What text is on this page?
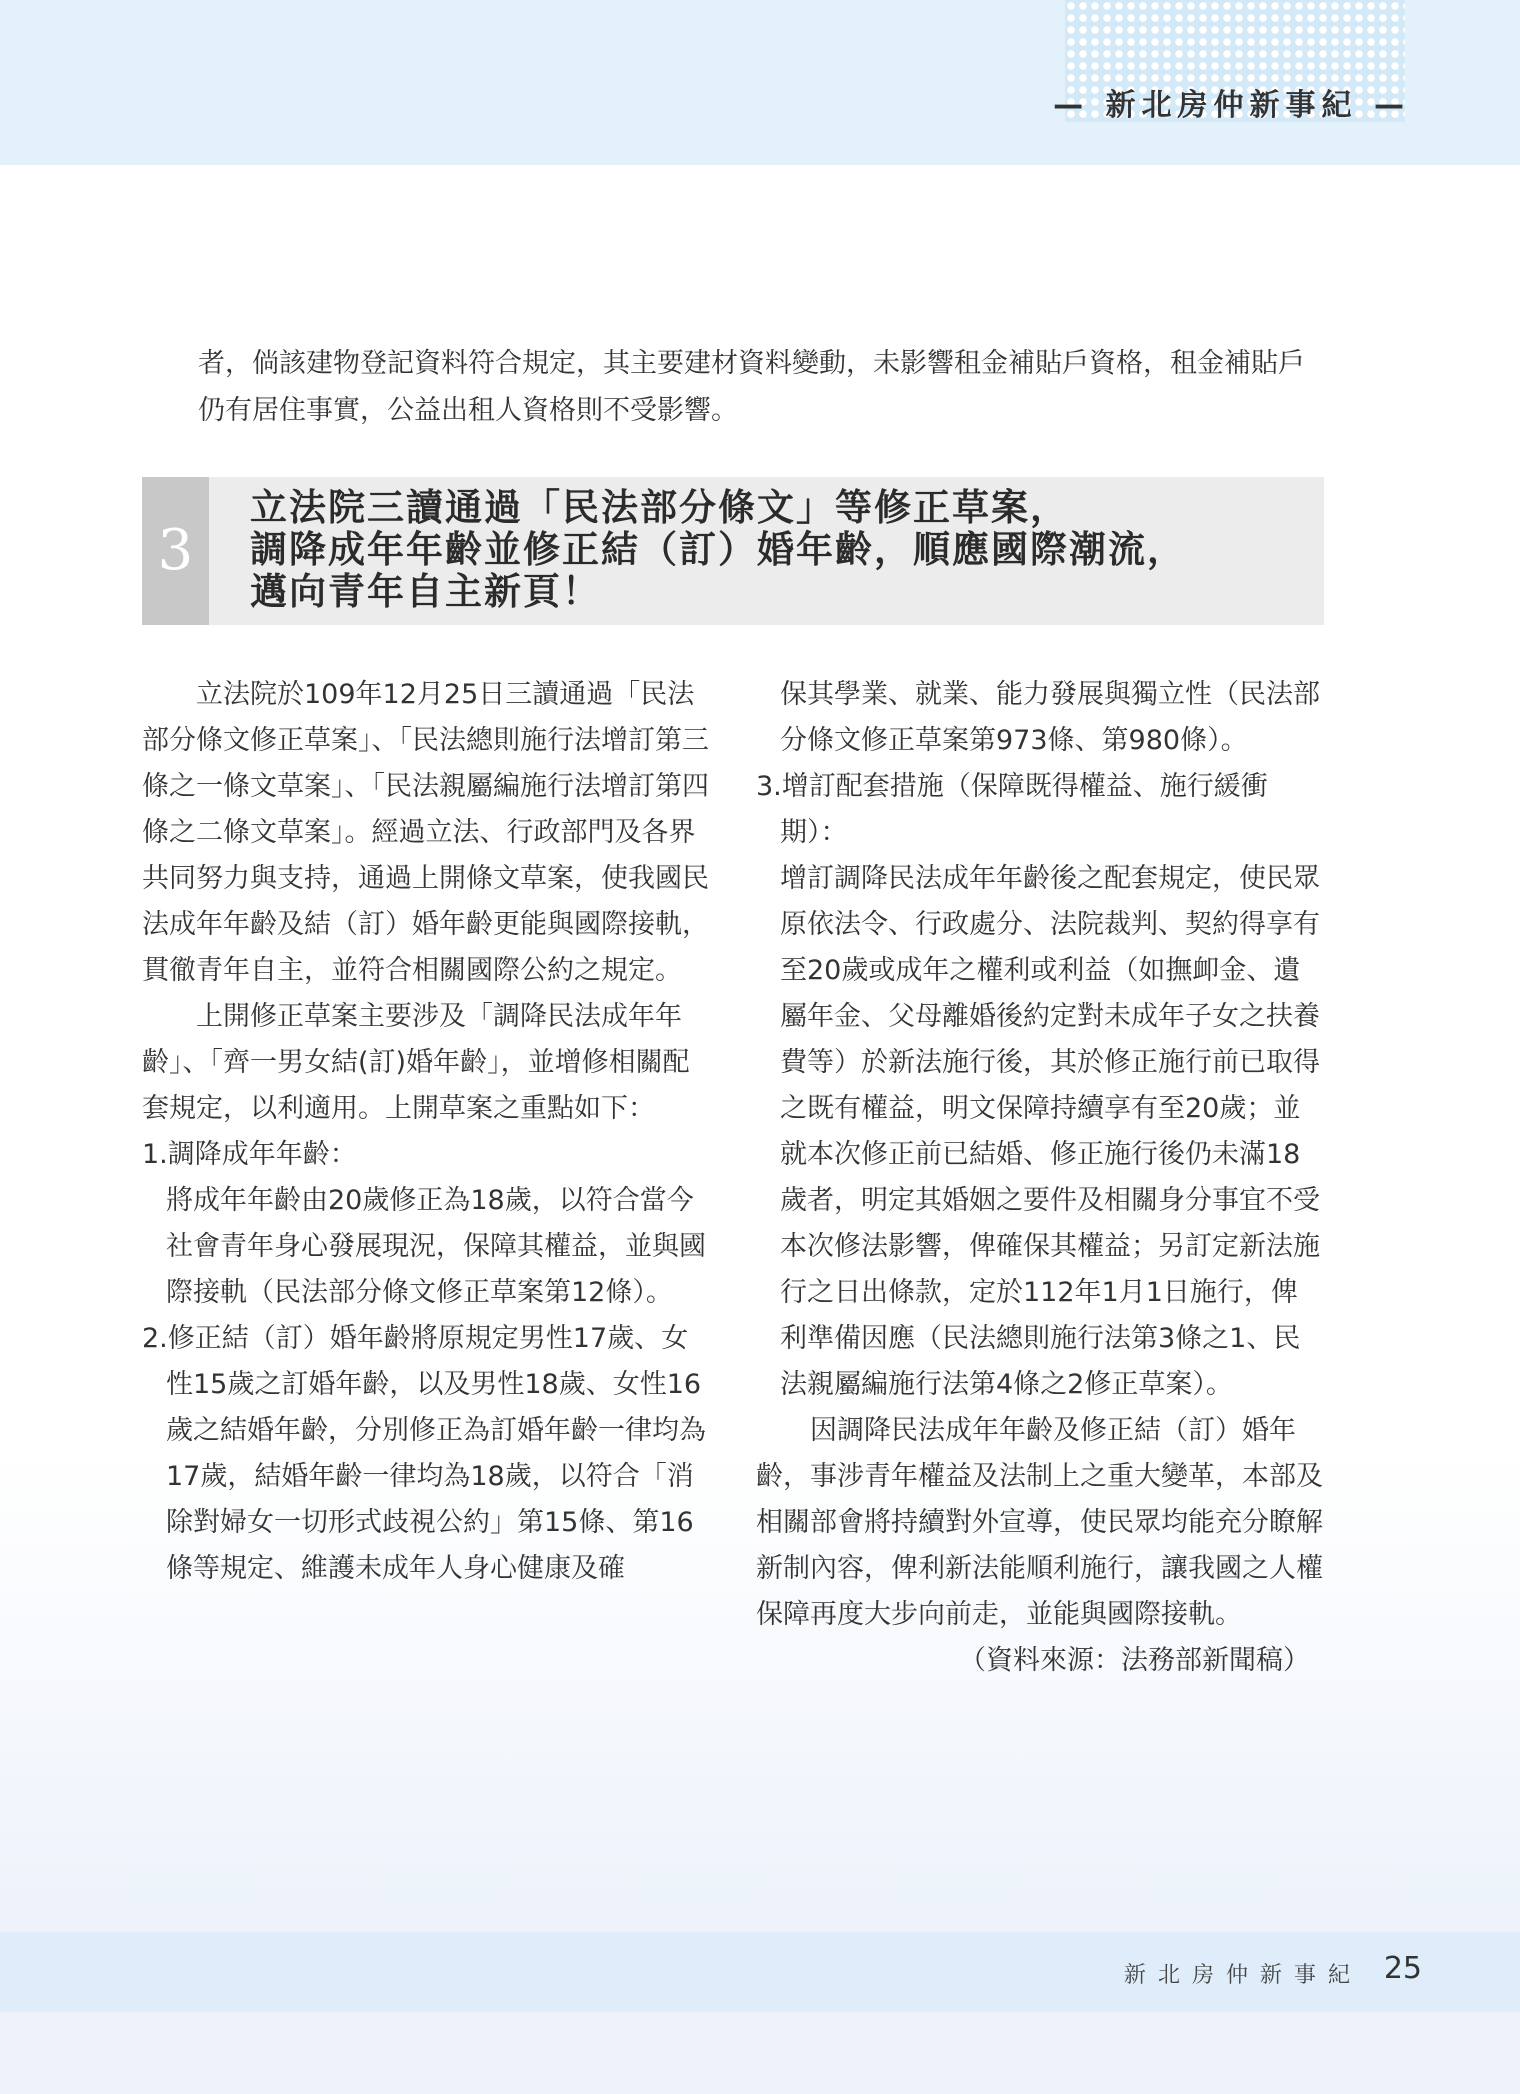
— 新北房仲新事紀 —
者，倘該建物登記資料符合規定，其主要建材資料變動，未影響租金補貼戶資格，租金補貼戶仍有居住事實，公益出租人資格則不受影響。
3
立法院三讀通過「民法部分條文」等修正草案，
調降成年年齡並修正結（訂）婚年齡，順應國際潮流，
邁向青年自主新頁！

立法院於109年12月25日三讀通過「民法部分條文修正草案」、「民法總則施行法增訂第三條之一條文草案」、「民法親屬編施行法增訂第四條之二條文草案」。經過立法、行政部門及各界共同努力與支持，通過上開條文草案，使我國民法成年年齡及結（訂）婚年齡更能與國際接軌，貫徹青年自主，並符合相關國際公約之規定。

上開修正草案主要涉及「調降民法成年年齡」、「齊一男女結(訂)婚年齡」，並增修相關配套規定，以利適用。上開草案之重點如下：

1.調降成年年齡：

將成年年齡由20歲修正為18歲，以符合當今社會青年身心發展現況，保障其權益，並與國際接軌（民法部分條文修正草案第12條）。

2.修正結（訂）婚年齡將原規定男性17歲、女性15歲之訂婚年齡，以及男性18歲、女性16歲之結婚年齡，分別修正為訂婚年齡一律均為17歲，結婚年齡一律均為18歲，以符合「消除對婦女一切形式歧視公約」第15條、第16條等規定、維護未成年人身心健康及確

保其學業、就業、能力發展與獨立性（民法部分條文修正草案第973條、第980條）。

3.增訂配套措施（保障既得權益、施行緩衝期）：

增訂調降民法成年年齡後之配套規定，使民眾原依法令、行政處分、法院裁判、契約得享有至20歲或成年之權利或利益（如撫卹金、遺屬年金、父母離婚後約定對未成年子女之扶養費等）於新法施行後，其於修正施行前已取得之既有權益，明文保障持續享有至20歲；並就本次修正前已結婚、修正施行後仍未滿18歲者，明定其婚姻之要件及相關身分事宜不受本次修法影響，俾確保其權益；另訂定新法施行之日出條款，定於112年1月1日施行，俾利準備因應（民法總則施行法第3條之1、民法親屬編施行法第4條之2修正草案）。

因調降民法成年年齡及修正結（訂）婚年齡，事涉青年權益及法制上之重大變革，本部及相關部會將持續對外宣導，使民眾均能充分瞭解新制內容，俾利新法能順利施行，讓我國之人權保障再度大步向前走，並能與國際接軌。

（資料來源：法務部新聞稿）

新北房仲新事紀 25
